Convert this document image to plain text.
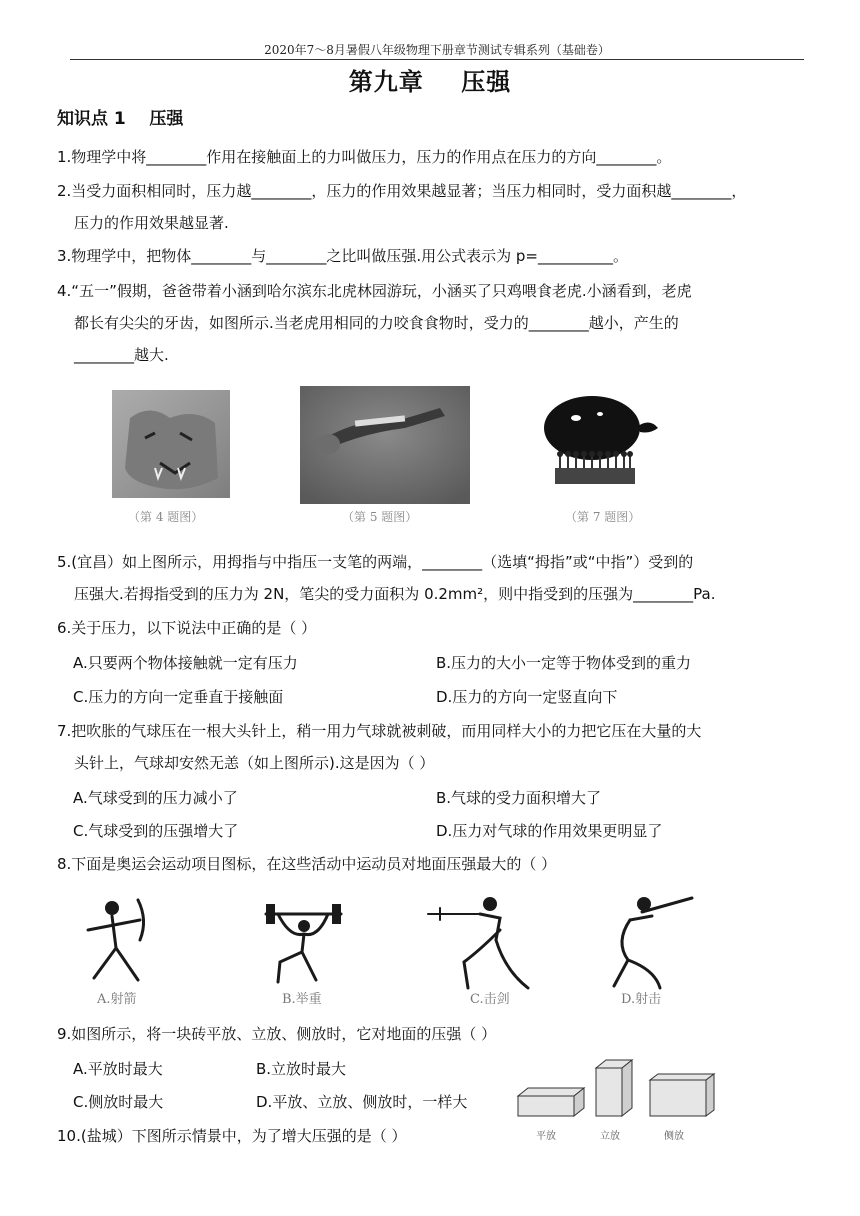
2020年7～8月暑假八年级物理下册章节测试专辑系列（基础卷）
第九章    压强
知识点 1    压强
1.物理学中将________作用在接触面上的力叫做压力，压力的作用点在压力的方向________。
2.当受力面积相同时，压力越________，压力的作用效果越显著；当压力相同时，受力面积越________，
压力的作用效果越显著.
3.物理学中，把物体________与________之比叫做压强.用公式表示为 p=__________。
4.“五一”假期，爸爸带着小涵到哈尔滨东北虎林园游玩，小涵买了只鸡喂食老虎.小涵看到，老虎
都长有尖尖的牙齿，如图所示.当老虎用相同的力咬食食物时，受力的________越小，产生的
________越大.
（第 4 题图）	（第 5 题图）	（第 7 题图）
5.(宜昌）如上图所示，用拇指与中指压一支笔的两端，________（选填“拇指”或“中指”）受到的
压强大.若拇指受到的压力为 2N，笔尖的受力面积为 0.2mm²，则中指受到的压强为________Pa.
6.关于压力，以下说法中正确的是（ ）
A.只要两个物体接触就一定有压力	B.压力的大小一定等于物体受到的重力
C.压力的方向一定垂直于接触面	D.压力的方向一定竖直向下
7.把吹胀的气球压在一根大头针上，稍一用力气球就被刺破，而用同样大小的力把它压在大量的大
头针上，气球却安然无恙（如上图所示).这是因为（ ）
A.气球受到的压力减小了	B.气球的受力面积增大了
C.气球受到的压强增大了	D.压力对气球的作用效果更明显了
8.下面是奥运会运动项目图标，在这些活动中运动员对地面压强最大的（ ）
A.射箭	B.举重	C.击剑	D.射击
9.如图所示，将一块砖平放、立放、侧放时，它对地面的压强（ ）
A.平放时最大	B.立放时最大
C.侧放时最大	D.平放、立放、侧放时，一样大
平放	立放	侧放
10.(盐城）下图所示情景中，为了增大压强的是（ ）
